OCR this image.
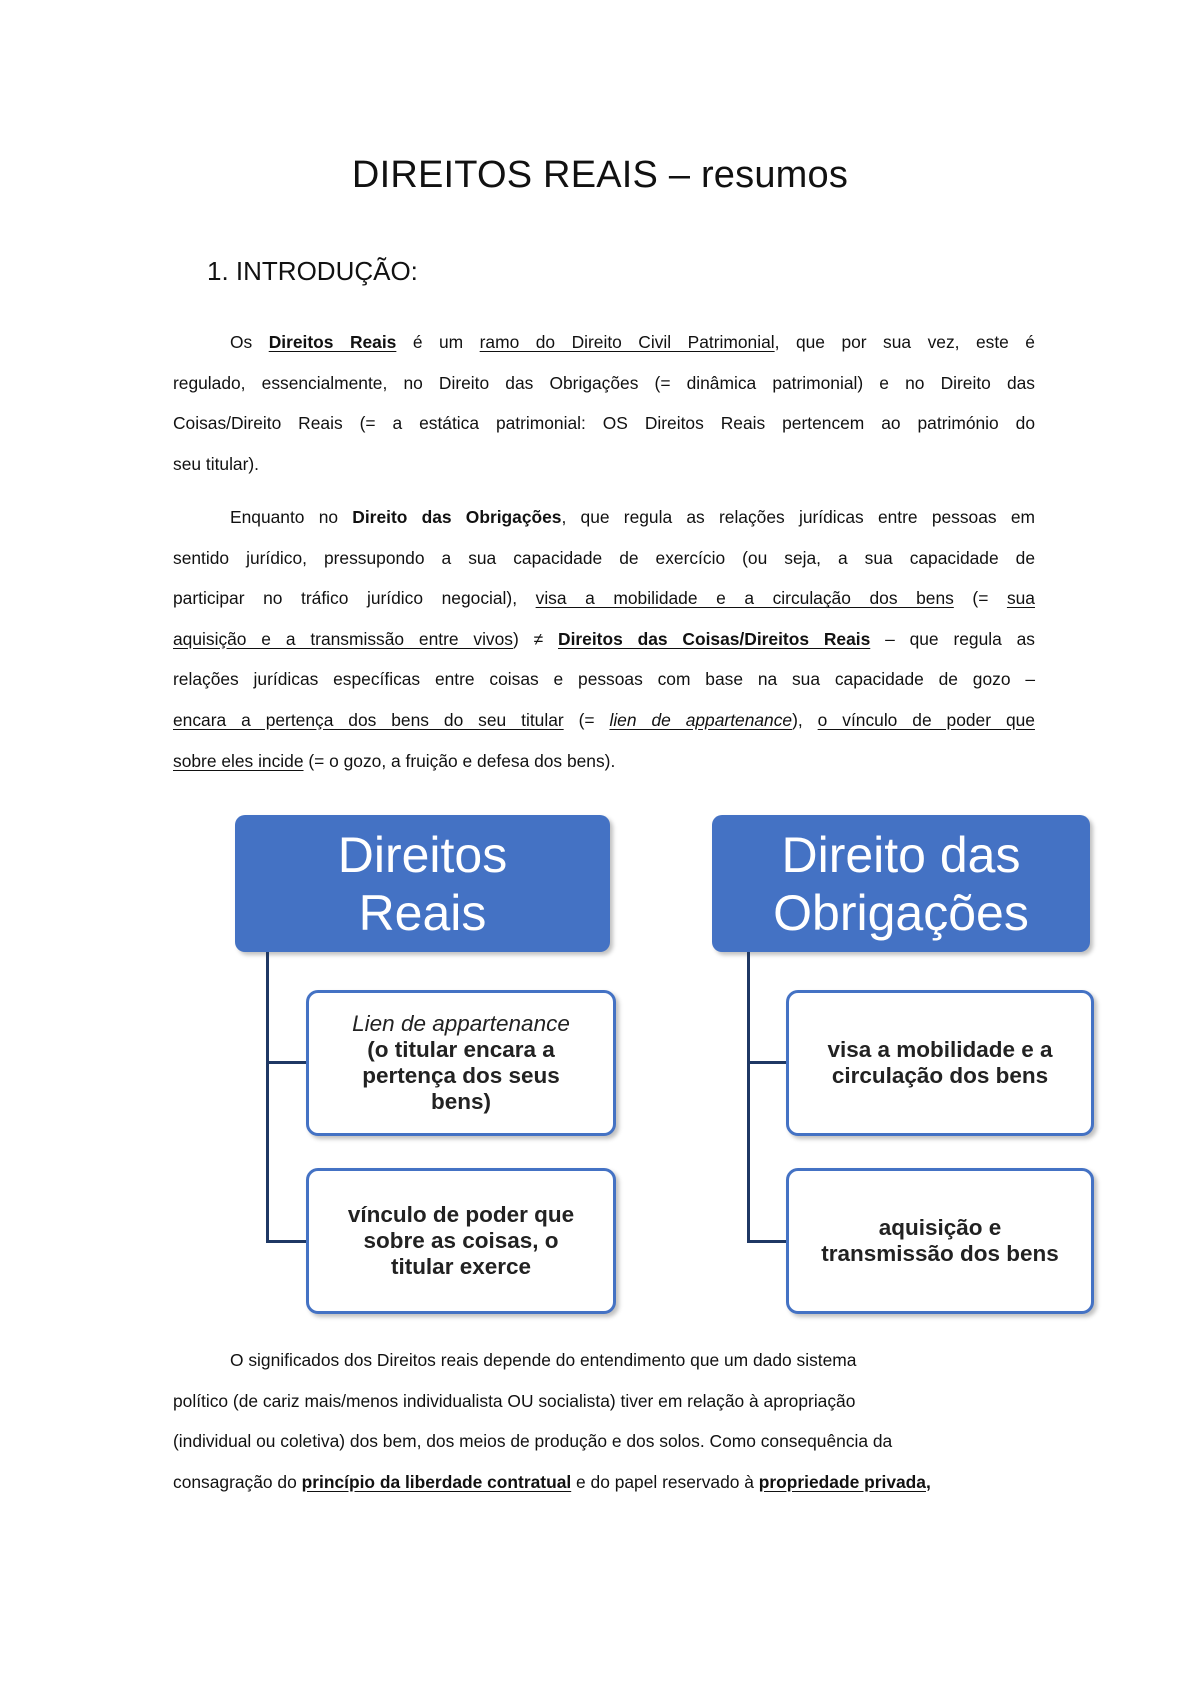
DIREITOS REAIS – resumos
1. INTRODUÇÃO:
Os Direitos Reais é um ramo do Direito Civil Patrimonial, que por sua vez, este é
regulado, essencialmente, no Direito das Obrigações (= dinâmica patrimonial) e no Direito das
Coisas/Direito Reais (= a estática patrimonial: OS Direitos Reais pertencem ao património do
seu titular).
Enquanto no Direito das Obrigações, que regula as relações jurídicas entre pessoas em
sentido jurídico, pressupondo a sua capacidade de exercício (ou seja, a sua capacidade de
participar no tráfico jurídico negocial), visa a mobilidade e a circulação dos bens (= sua
aquisição e a transmissão entre vivos) ≠ Direitos das Coisas/Direitos Reais – que regula as
relações jurídicas específicas entre coisas e pessoas com base na sua capacidade de gozo –
encara a pertença dos bens do seu titular (= lien de appartenance), o vínculo de poder que
sobre eles incide (= o gozo, a fruição e defesa dos bens).
Direitos
Reais
Lien de appartenance
(o titular encara a
pertença dos seus
bens)
vínculo de poder que
sobre as coisas, o
titular exerce
Direito das
Obrigações
visa a mobilidade e a
circulação dos bens
aquisição e
transmissão dos bens
O significados dos Direitos reais depende do entendimento que um dado sistema
político (de cariz mais/menos individualista OU socialista) tiver em relação à apropriação
(individual ou coletiva) dos bem, dos meios de produção e dos solos. Como consequência da
consagração do princípio da liberdade contratual e do papel reservado à propriedade privada,
